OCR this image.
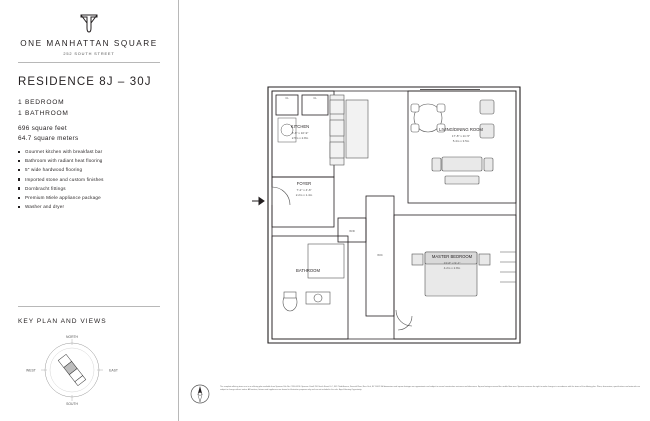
ONE MANHATTAN SQUARE
252 SOUTH STREET
RESIDENCE 8J – 30J
1 BEDROOM
1 BATHROOM
696 square feet
64.7 square meters
Gourmet kitchen with breakfast bar
Bathroom with radiant heat flooring
5" wide hardwood flooring
Imported stone and custom finishes
Dornbracht fittings
Premium Miele appliance package
Washer and dryer
KEY PLAN AND VIEWS
NORTH
SOUTH
WEST	EAST
KITCHEN
8'-6" x 10'-9"
2.5m x 2.8m
LIVING/DINING ROOM
17'-8" x 11'-5"
5.4m x 3.5m
FOYER
7'-2" x 4'-6"
2.2m x 1.4m
BATHROOM
MASTER BEDROOM
13'-6" x 9'-1"
4.2m x 2.8m
W/D
WIC
CL	CL
The complete offering terms are in an offering plan available from Sponsor. File No. CD16-0196. Sponsor: Extell 250 South Street LLC, 805 Third Avenue, Seventh Floor, New York, NY 10022. All dimensions and square footages are approximate and subject to normal construction variances and tolerances. Square footages exceed the usable floor area. Sponsor reserves the right to make changes in accordance with the terms of the offering plan. Plans, dimensions, specifications and materials are subject to change without notice. All furniture, fixtures and appliances are shown for illustrative purposes only and are not included in the sale. Equal Housing Opportunity.
